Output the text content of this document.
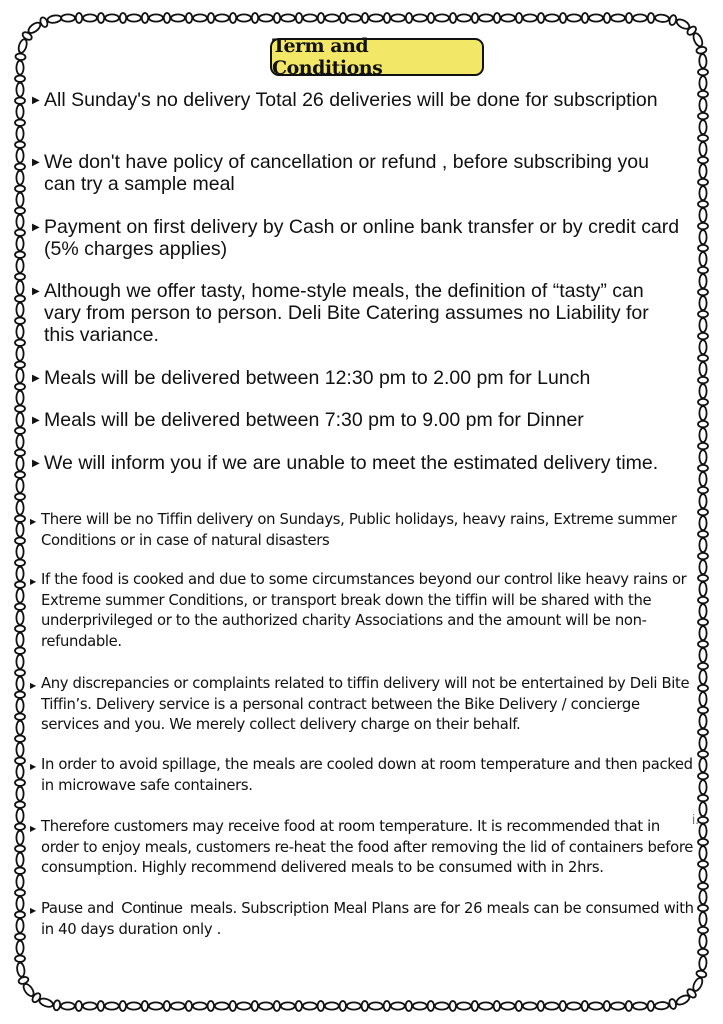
Term and Conditions
▶ All Sunday's no delivery Total 26 deliveries will be done for subscription
▶ We don't have policy of cancellation or refund , before subscribing you can try a sample meal
▶ Payment on first delivery by Cash or online bank transfer or by credit card (5% charges applies)
▶ Although we offer tasty, home-style meals, the definition of “tasty” can vary from person to person. Deli Bite Catering assumes no Liability for this variance.
▶ Meals will be delivered between 12:30 pm to 2.00 pm for Lunch
▶ Meals will be delivered between 7:30 pm to 9.00 pm for Dinner
▶ We will inform you if we are unable to meet the estimated delivery time.
▶ There will be no Tiffin delivery on Sundays, Public holidays, heavy rains, Extreme summer Conditions or in case of natural disasters
▶ If the food is cooked and due to some circumstances beyond our control like heavy rains or Extreme summer Conditions, or transport break down the tiffin will be shared with the underprivileged or to the authorized charity Associations and the amount will be non-refundable.
▶ Any discrepancies or complaints related to tiffin delivery will not be entertained by Deli Bite Tiffin’s. Delivery service is a personal contract between the Bike Delivery / concierge services and you. We merely collect delivery charge on their behalf.
▶ In order to avoid spillage, the meals are cooled down at room temperature and then packed in microwave safe containers.
▶ Therefore customers may receive food at room temperature. It is recommended that in order to enjoy meals, customers re-heat the food after removing the lid of containers before consumption. Highly recommend delivered meals to be consumed with in 2hrs.
▶ Pause and Continue meals. Subscription Meal Plans are for 26 meals can be consumed with in 40 days duration only .
i.
